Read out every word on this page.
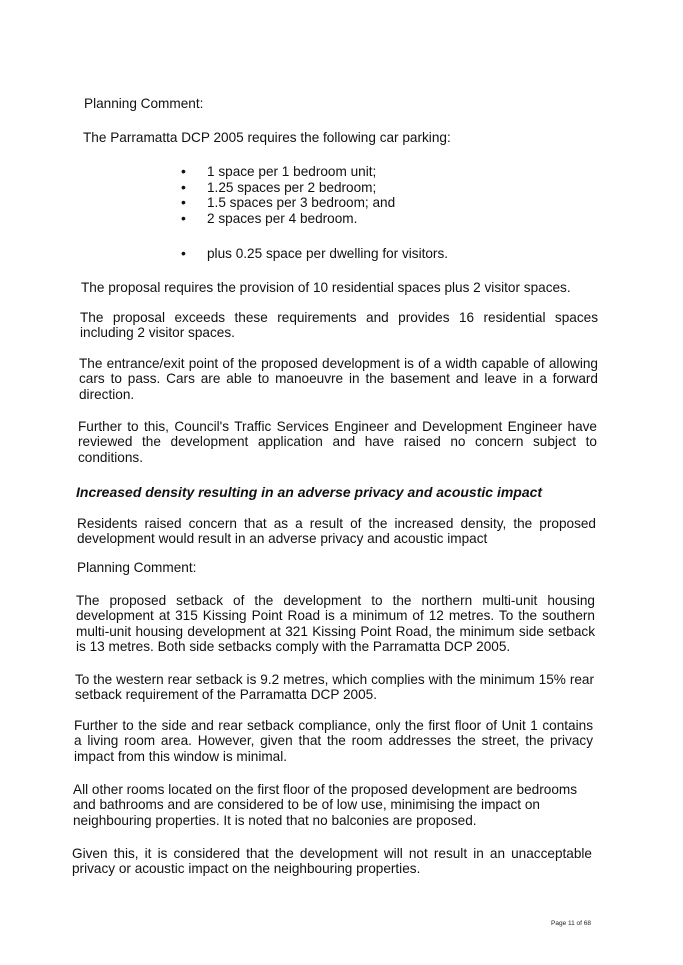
Planning Comment:

The Parramatta DCP 2005 requires the following car parking:

• 1 space per 1 bedroom unit;
• 1.25 spaces per 2 bedroom;
• 1.5 spaces per 3 bedroom; and
• 2 spaces per 4 bedroom.
• plus 0.25 space per dwelling for visitors.

The proposal requires the provision of 10 residential spaces plus 2 visitor spaces.

The proposal exceeds these requirements and provides 16 residential spaces including 2 visitor spaces.

The entrance/exit point of the proposed development is of a width capable of allowing cars to pass. Cars are able to manoeuvre in the basement and leave in a forward direction.

Further to this, Council's Traffic Services Engineer and Development Engineer have reviewed the development application and have raised no concern subject to conditions.

Increased density resulting in an adverse privacy and acoustic impact

Residents raised concern that as a result of the increased density, the proposed development would result in an adverse privacy and acoustic impact

Planning Comment:

The proposed setback of the development to the northern multi-unit housing development at 315 Kissing Point Road is a minimum of 12 metres. To the southern multi-unit housing development at 321 Kissing Point Road, the minimum side setback is 13 metres. Both side setbacks comply with the Parramatta DCP 2005.

To the western rear setback is 9.2 metres, which complies with the minimum 15% rear setback requirement of the Parramatta DCP 2005.

Further to the side and rear setback compliance, only the first floor of Unit 1 contains a living room area. However, given that the room addresses the street, the privacy impact from this window is minimal.

All other rooms located on the first floor of the proposed development are bedrooms and bathrooms and are considered to be of low use, minimising the impact on neighbouring properties. It is noted that no balconies are proposed.

Given this, it is considered that the development will not result in an unacceptable privacy or acoustic impact on the neighbouring properties.

Page 11 of 68
